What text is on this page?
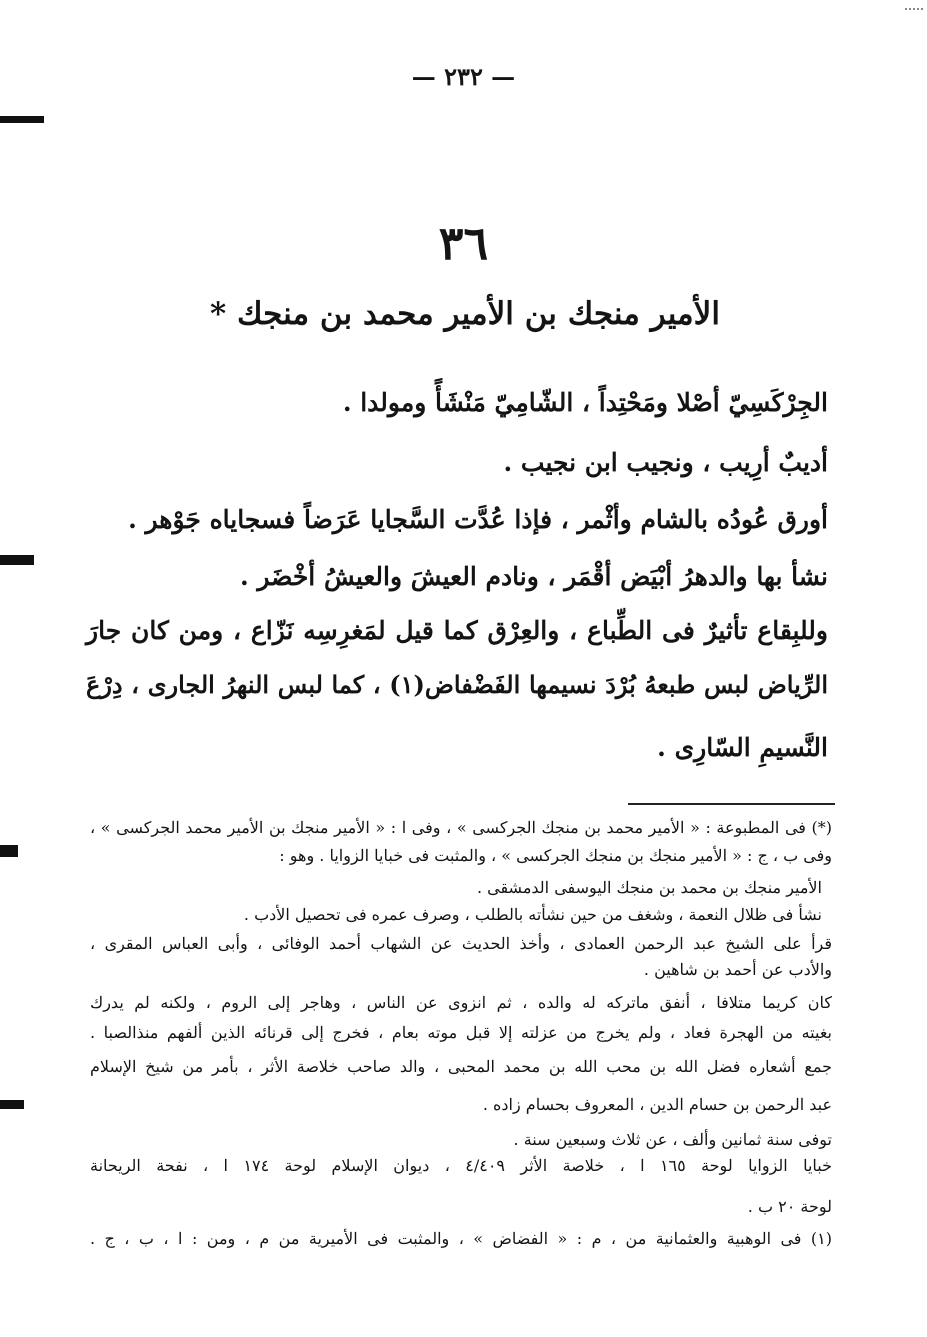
— ٢٣٢ —
٣٦
الأمير منجك بن الأمير محمد بن منجك *
الجِرْكَسِيّ أصْلا ومَحْتِداً ، الشّامِيّ مَنْشَأً ومولدا .
أديبٌ أرِيب ، ونجيب ابن نجيب .
أورق عُودُه بالشام وأثْمر ، فإذا عُدَّت السَّجايا عَرَضاً فسجاياه جَوْهر .
نشأ بها والدهرُ أبْيَض أقْمَر ، ونادم العيشَ والعيشُ أخْضَر .
وللبِقاع تأثيرٌ فى الطِّباع ، والعِرْق كما قيل لمَغرِسِه نَزّاع ، ومن كان جارَ
الرِّياض لبس طبعهُ بُرْدَ نسيمها الفَضْفاض(١) ، كما لبس النهرُ الجارى ، دِرْعَ
النَّسيمِ السّارِى .
(*) فى المطبوعة : « الأمير محمد بن منجك الجركسى » ، وفى ا : « الأمير منجك بن الأمير محمد الجركسى » ،
وفى ب ، ج : « الأمير منجك بن منجك الجركسى » ، والمثبت فى خبايا الزوايا . وهو :
الأمير منجك بن محمد بن منجك اليوسفى الدمشقى .
نشأ فى ظلال النعمة ، وشغف من حين نشأته بالطلب ، وصرف عمره فى تحصيل الأدب .
قرأ على الشيخ عبد الرحمن العمادى ، وأخذ الحديث عن الشهاب أحمد الوفائى ، وأبى العباس المقرى ،
والأدب عن أحمد بن شاهين .
كان كريما متلافا ، أنفق ماتركه له والده ، ثم انزوى عن الناس ، وهاجر إلى الروم ، ولكنه لم يدرك
بغيته من الهجرة فعاد ، ولم يخرج من عزلته إلا قبل موته بعام ، فخرج إلى قرنائه الذين ألفهم منذالصبا .
جمع أشعاره فضل الله بن محب الله بن محمد المحبى ، والد صاحب خلاصة الأثر ، بأمر من شيخ الإسلام
عبد الرحمن بن حسام الدين ، المعروف بحسام زاده .
توفى سنة ثمانين وألف ، عن ثلاث وسبعين سنة .
خبايا الزوايا لوحة ١٦٥ ا ، خلاصة الأثر ٤/٤٠٩ ، ديوان الإسلام لوحة ١٧٤ ا ، نفحة الريحانة
لوحة ٢٠ ب .
(١) فى الوهبية والعثمانية من ، م : « الفضاض » ، والمثبت فى الأميرية من م ، ومن : ا ، ب ، ج .
